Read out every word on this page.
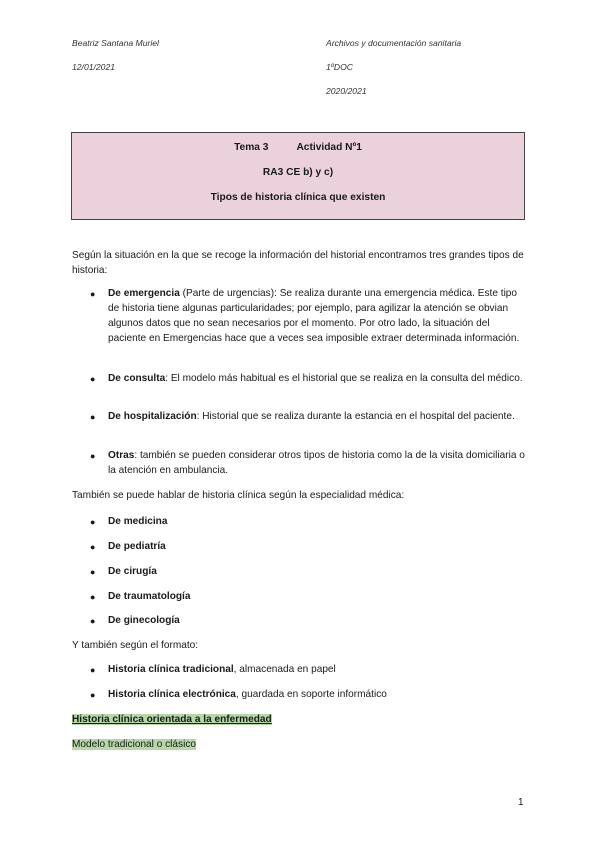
Beatriz Santana Muriel	Archivos y documentación sanitaria
12/01/2021	1ºDOC
2020/2021
Tema 3	Actividad Nº1
RA3 CE b) y c)
Tipos de historia clínica que existen
Según la situación en la que se recoge la información del historial encontramos tres grandes tipos de historia:
● De emergencia (Parte de urgencias): Se realiza durante una emergencia médica. Este tipo de historia tiene algunas particularidades; por ejemplo, para agilizar la atención se obvian algunos datos que no sean necesarios por el momento. Por otro lado, la situación del paciente en Emergencias hace que a veces sea imposible extraer determinada información.
● De consulta: El modelo más habitual es el historial que se realiza en la consulta del médico.
● De hospitalización: Historial que se realiza durante la estancia en el hospital del paciente.
● Otras: también se pueden considerar otros tipos de historia como la de la visita domiciliaria o la atención en ambulancia.
También se puede hablar de historia clínica según la especialidad médica:
● De medicina
● De pediatría
● De cirugía
● De traumatología
● De ginecología
Y también según el formato:
● Historia clínica tradicional, almacenada en papel
● Historia clínica electrónica, guardada en soporte informático
Historia clínica orientada a la enfermedad
Modelo tradicional o clásico
1
